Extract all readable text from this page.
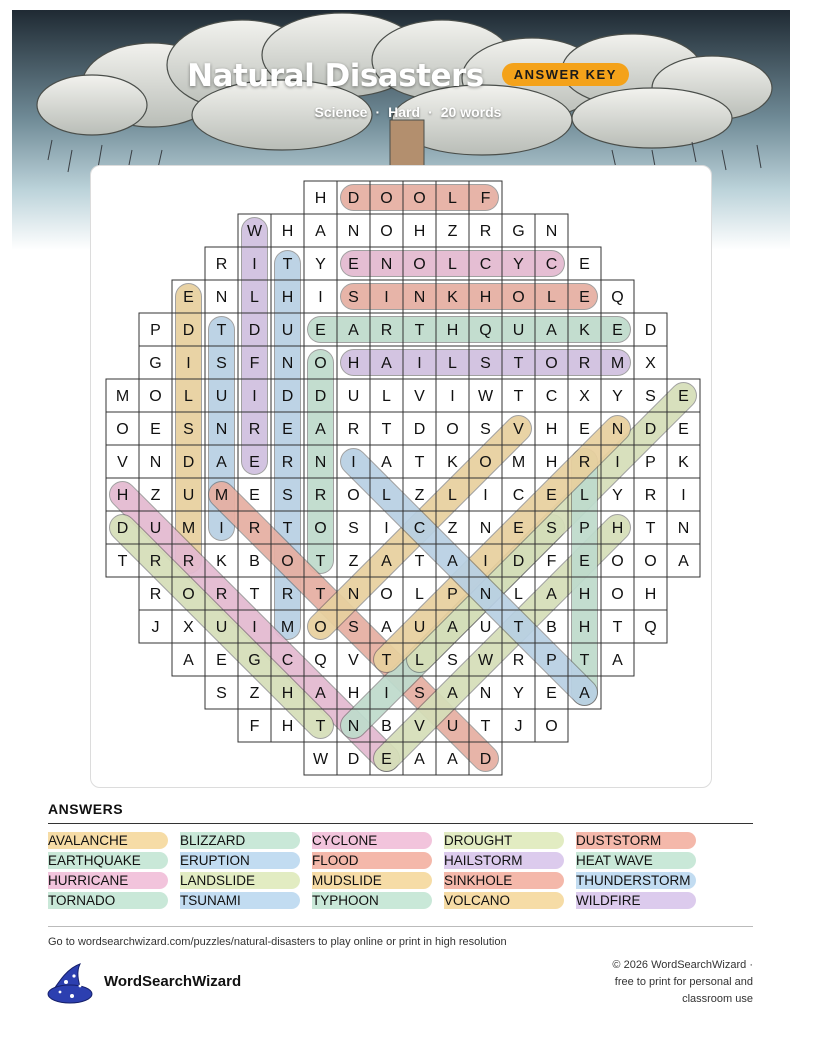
Natural Disasters ANSWER KEY
Science · Hard · 20 words
H D O O L F
W H A N O H Z R G N
R I T Y E N O L C Y C E
E N L H I S I N K H O L E Q
P D T D U E A R T H Q U A K E D
G I S F N O H A I L S T O R M X
M O L U I D D U L V I W T C X Y S E
O E S N R E A R T D O S V H E N D E
V N D A E R N I A T K O M H R I P K
H Z U M E S R O L Z L I C E L Y R I
D U M I R T O S I C Z N E S P H T N
T R R K B O T Z A T A I D F E O O A
R O R T R T N O L P N L A H O H
J X U I M O S A U A U T B H T Q
A E G C Q V T L S W R P T A
S Z H A H I S A N Y E A
F H T N B V U T J O
W D E A A D
ANSWERS
AVALANCHE
EARTHQUAKE
HURRICANE
TORNADO
BLIZZARD
ERUPTION
LANDSLIDE
TSUNAMI
CYCLONE
FLOOD
MUDSLIDE
TYPHOON
DROUGHT
HAILSTORM
SINKHOLE
VOLCANO
DUSTSTORM
HEAT WAVE
THUNDERSTORM
WILDFIRE
Go to wordsearchwizard.com/puzzles/natural-disasters to play online or print in high resolution
WordSearchWizard
© 2026 WordSearchWizard ·
free to print for personal and
classroom use
